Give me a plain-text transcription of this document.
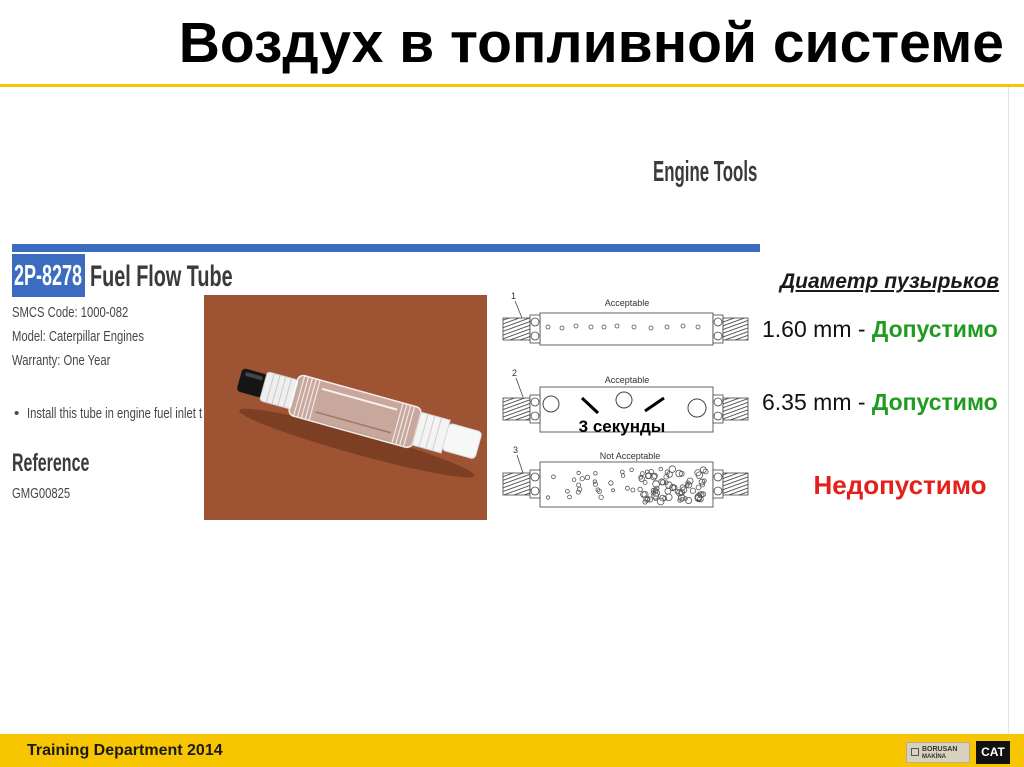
Воздух в топливной системе
Engine Tools
2P-8278 Fuel Flow Tube
SMCS Code: 1000-082
Model: Caterpillar Engines
Warranty: One Year
• Install this tube in engine fuel inlet t
Reference
GMG00825
1
Acceptable
2
Acceptable
3 секунды
3
Not Acceptable
Диаметр пузырьков
1.60 mm - Допустимо
6.35 mm - Допустимо
Недопустимо
Training Department 2014	BORUSAN
MAKİNA	CAT
